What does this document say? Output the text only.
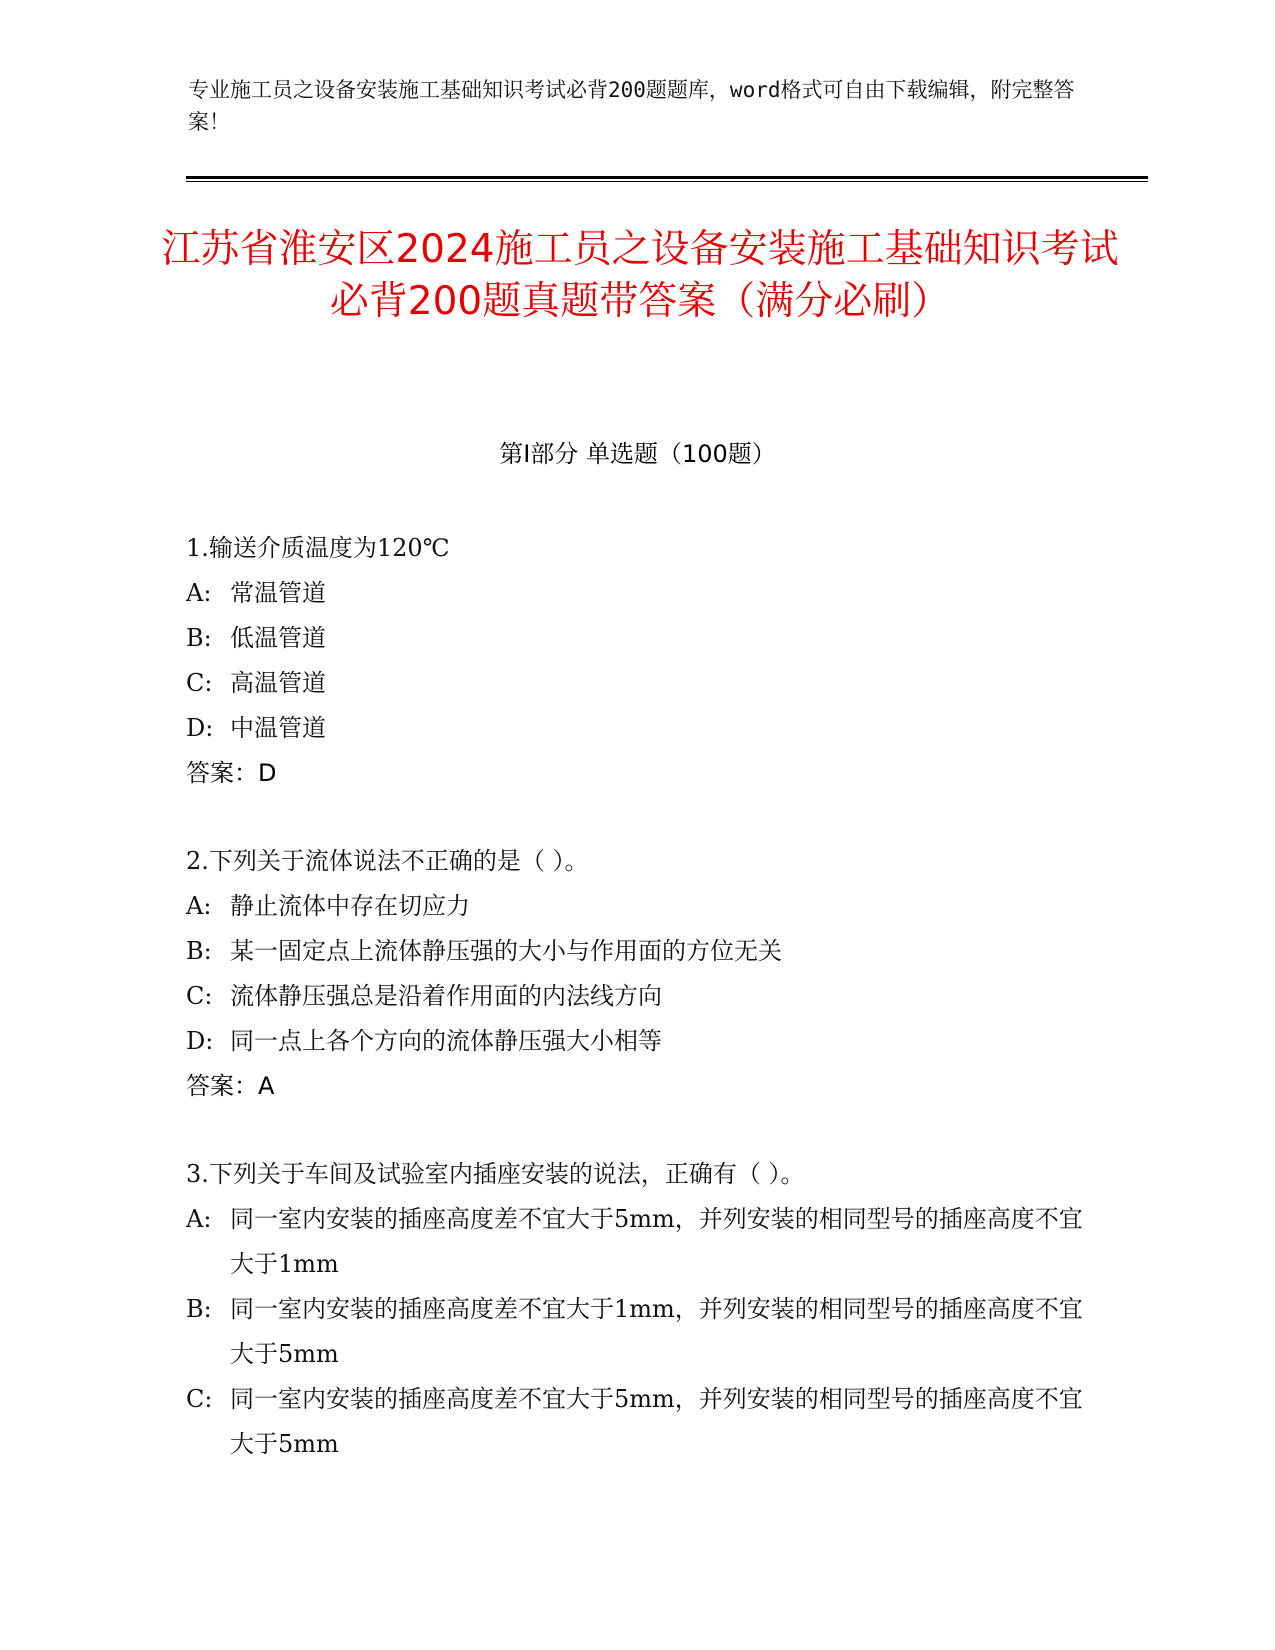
专业施工员之设备安装施工基础知识考试必背200题题库，word格式可自由下载编辑，附完整答案！
江苏省淮安区2024施工员之设备安装施工基础知识考试必背200题真题带答案（满分必刷）
第I部分 单选题（100题）
1.输送介质温度为120℃
A: 常温管道
B: 低温管道
C: 高温管道
D: 中温管道
答案：D
2.下列关于流体说法不正确的是（ ）。
A: 静止流体中存在切应力
B: 某一固定点上流体静压强的大小与作用面的方位无关
C: 流体静压强总是沿着作用面的内法线方向
D: 同一点上各个方向的流体静压强大小相等
答案：A
3.下列关于车间及试验室内插座安装的说法，正确有（ ）。
A: 同一室内安装的插座高度差不宜大于5mm，并列安装的相同型号的插座高度不宜大于1mm
B: 同一室内安装的插座高度差不宜大于1mm，并列安装的相同型号的插座高度不宜大于5mm
C: 同一室内安装的插座高度差不宜大于5mm，并列安装的相同型号的插座高度不宜大于5mm
